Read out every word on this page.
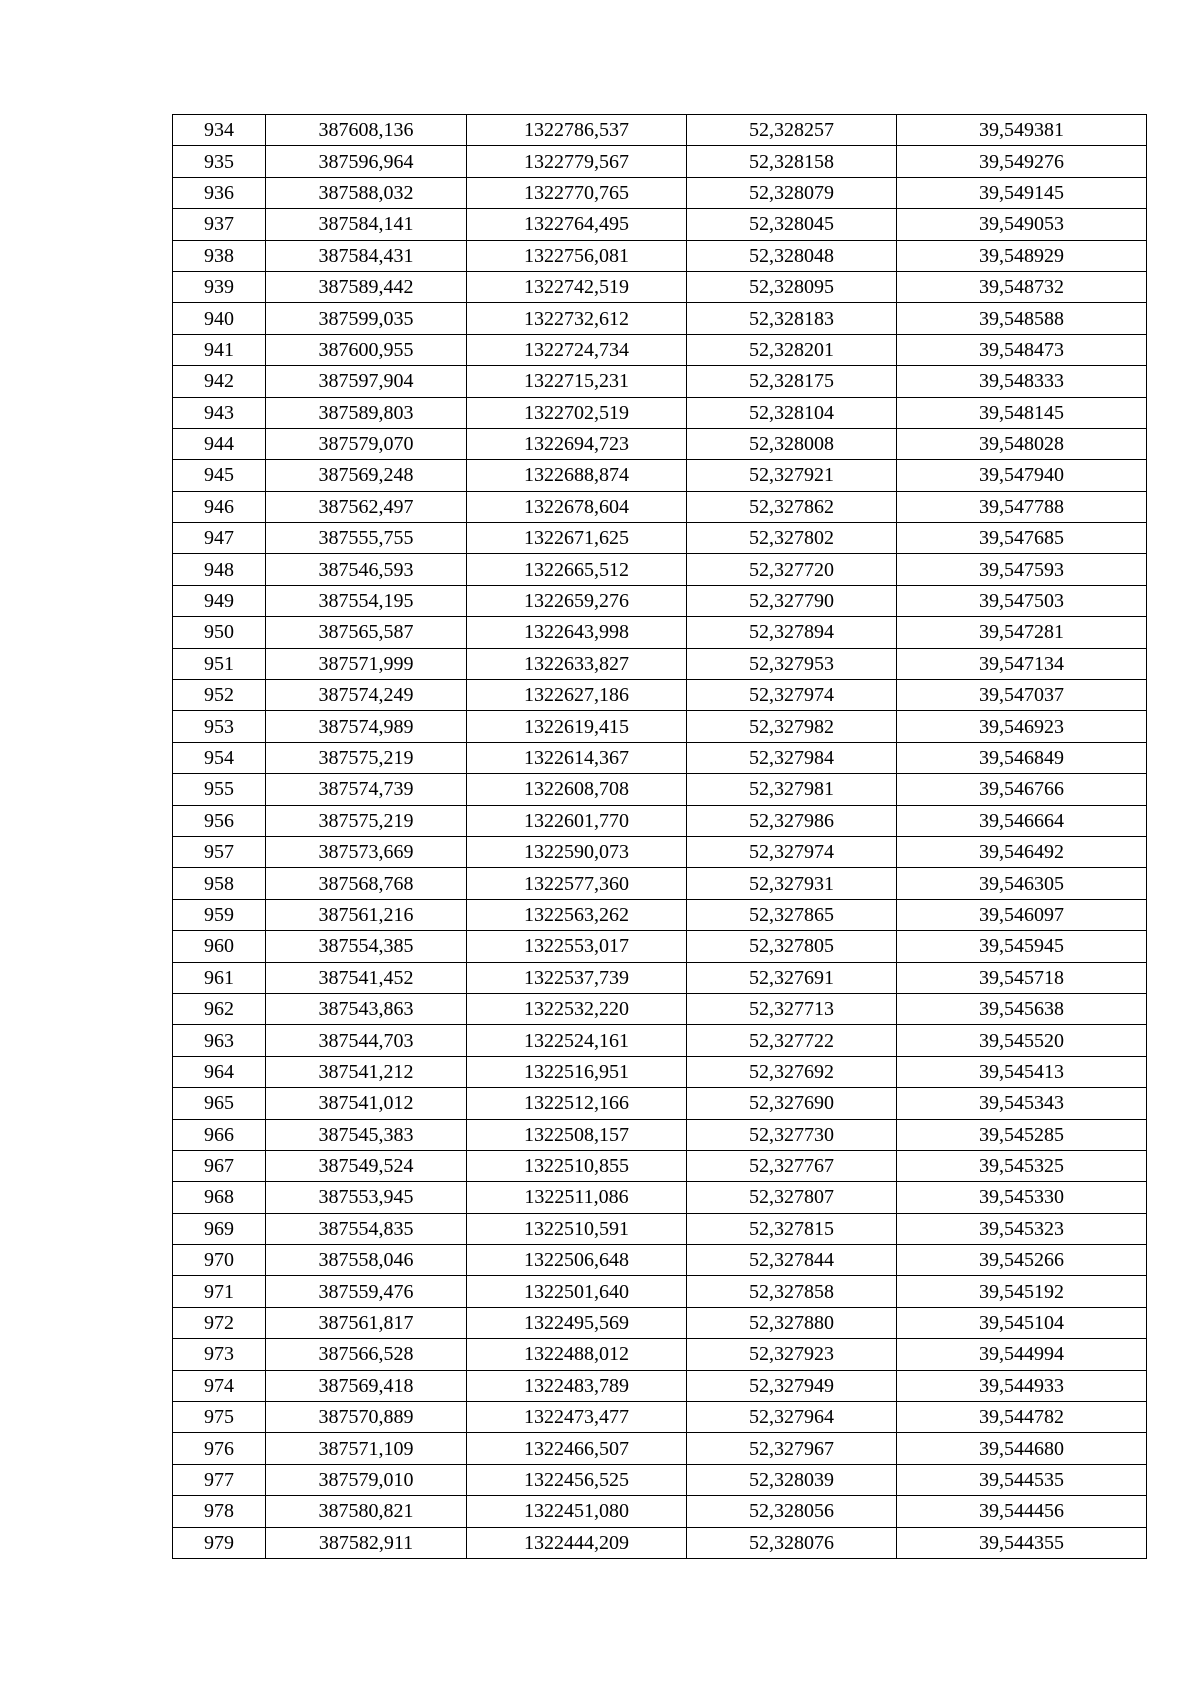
934	387608,136	1322786,537	52,328257	39,549381
935	387596,964	1322779,567	52,328158	39,549276
936	387588,032	1322770,765	52,328079	39,549145
937	387584,141	1322764,495	52,328045	39,549053
938	387584,431	1322756,081	52,328048	39,548929
939	387589,442	1322742,519	52,328095	39,548732
940	387599,035	1322732,612	52,328183	39,548588
941	387600,955	1322724,734	52,328201	39,548473
942	387597,904	1322715,231	52,328175	39,548333
943	387589,803	1322702,519	52,328104	39,548145
944	387579,070	1322694,723	52,328008	39,548028
945	387569,248	1322688,874	52,327921	39,547940
946	387562,497	1322678,604	52,327862	39,547788
947	387555,755	1322671,625	52,327802	39,547685
948	387546,593	1322665,512	52,327720	39,547593
949	387554,195	1322659,276	52,327790	39,547503
950	387565,587	1322643,998	52,327894	39,547281
951	387571,999	1322633,827	52,327953	39,547134
952	387574,249	1322627,186	52,327974	39,547037
953	387574,989	1322619,415	52,327982	39,546923
954	387575,219	1322614,367	52,327984	39,546849
955	387574,739	1322608,708	52,327981	39,546766
956	387575,219	1322601,770	52,327986	39,546664
957	387573,669	1322590,073	52,327974	39,546492
958	387568,768	1322577,360	52,327931	39,546305
959	387561,216	1322563,262	52,327865	39,546097
960	387554,385	1322553,017	52,327805	39,545945
961	387541,452	1322537,739	52,327691	39,545718
962	387543,863	1322532,220	52,327713	39,545638
963	387544,703	1322524,161	52,327722	39,545520
964	387541,212	1322516,951	52,327692	39,545413
965	387541,012	1322512,166	52,327690	39,545343
966	387545,383	1322508,157	52,327730	39,545285
967	387549,524	1322510,855	52,327767	39,545325
968	387553,945	1322511,086	52,327807	39,545330
969	387554,835	1322510,591	52,327815	39,545323
970	387558,046	1322506,648	52,327844	39,545266
971	387559,476	1322501,640	52,327858	39,545192
972	387561,817	1322495,569	52,327880	39,545104
973	387566,528	1322488,012	52,327923	39,544994
974	387569,418	1322483,789	52,327949	39,544933
975	387570,889	1322473,477	52,327964	39,544782
976	387571,109	1322466,507	52,327967	39,544680
977	387579,010	1322456,525	52,328039	39,544535
978	387580,821	1322451,080	52,328056	39,544456
979	387582,911	1322444,209	52,328076	39,544355
